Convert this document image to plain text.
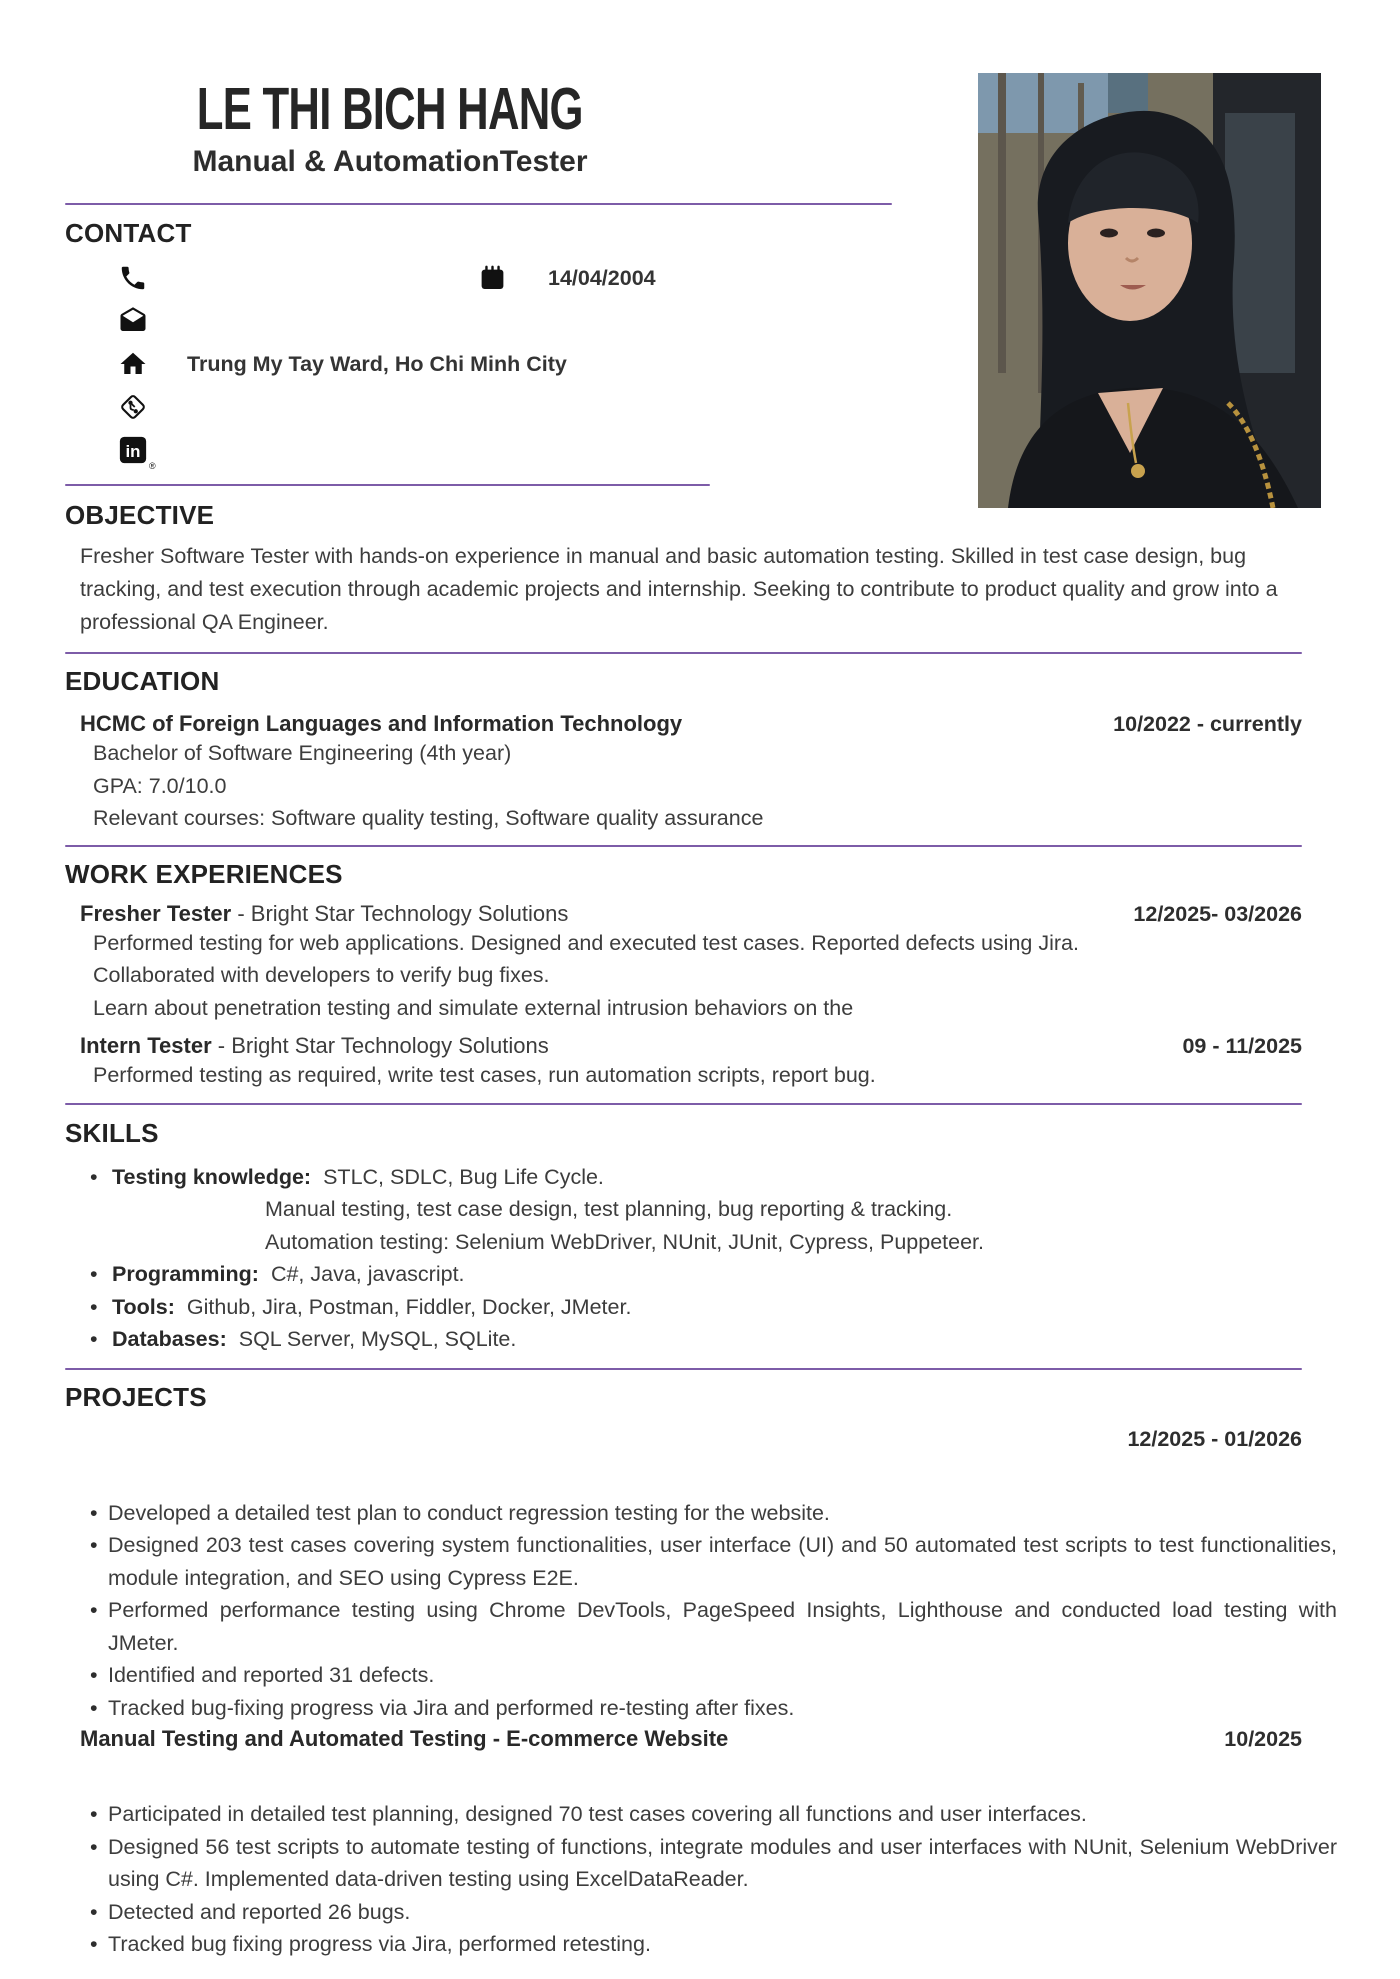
LE THI BICH HANG
Manual & AutomationTester
CONTACT
14/04/2004
Trung My Tay Ward, Ho Chi Minh City
in
®
OBJECTIVE
Fresher Software Tester with hands-on experience in manual and basic automation testing. Skilled in test case design, bug tracking, and test execution through academic projects and internship. Seeking to contribute to product quality and grow into a professional QA Engineer.
EDUCATION
HCMC of Foreign Languages and Information Technology	10/2022 - currently
Bachelor of Software Engineering (4th year)
GPA: 7.0/10.0
Relevant courses: Software quality testing, Software quality assurance
WORK EXPERIENCES
Fresher Tester - Bright Star Technology Solutions	12/2025- 03/2026
Performed testing for web applications. Designed and executed test cases. Reported defects using Jira.
Collaborated with developers to verify bug fixes.
Learn about penetration testing and simulate external intrusion behaviors on the
Intern Tester - Bright Star Technology Solutions	09 - 11/2025
Performed testing as required, write test cases, run automation scripts, report bug.
SKILLS
• Testing knowledge: STLC, SDLC, Bug Life Cycle.
Manual testing, test case design, test planning, bug reporting & tracking.
Automation testing: Selenium WebDriver, NUnit, JUnit, Cypress, Puppeteer.
• Programming: C#, Java, javascript.
• Tools: Github, Jira, Postman, Fiddler, Docker, JMeter.
• Databases: SQL Server, MySQL, SQLite.
PROJECTS
12/2025 - 01/2026
• Developed a detailed test plan to conduct regression testing for the website.
• Designed 203 test cases covering system functionalities, user interface (UI) and 50 automated test scripts to test functionalities, module integration, and SEO using Cypress E2E.
• Performed performance testing using Chrome DevTools, PageSpeed Insights, Lighthouse and conducted load testing with JMeter.
• Identified and reported 31 defects.
• Tracked bug-fixing progress via Jira and performed re-testing after fixes.
Manual Testing and Automated Testing - E-commerce Website	10/2025
• Participated in detailed test planning, designed 70 test cases covering all functions and user interfaces.
• Designed 56 test scripts to automate testing of functions, integrate modules and user interfaces with NUnit, Selenium WebDriver using C#. Implemented data-driven testing using ExcelDataReader.
• Detected and reported 26 bugs.
• Tracked bug fixing progress via Jira, performed retesting.
